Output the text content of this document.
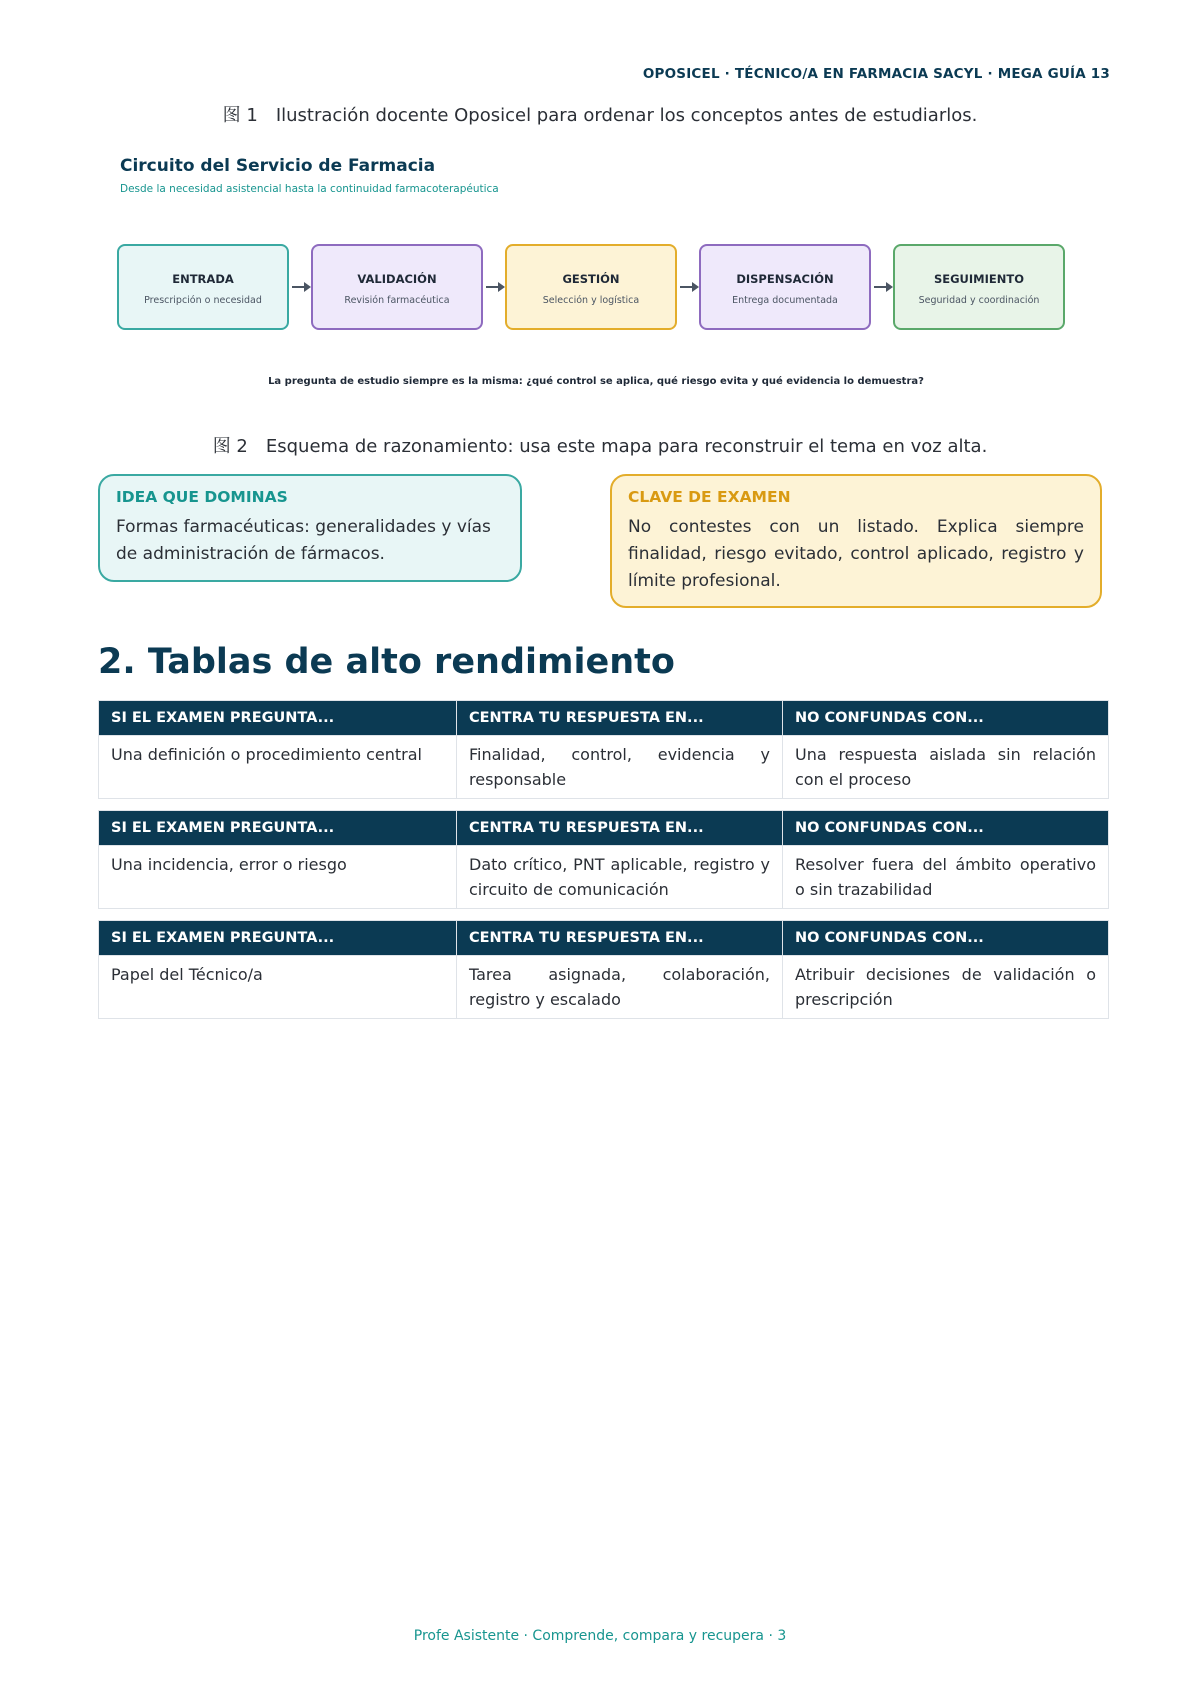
OPOSICEL · TÉCNICO/A EN FARMACIA SACYL · MEGA GUÍA 13
图 1 Ilustración docente Oposicel para ordenar los conceptos antes de estudiarlos.
Circuito del Servicio de Farmacia
Desde la necesidad asistencial hasta la continuidad farmacoterapéutica
ENTRADA
Prescripción o necesidad
VALIDACIÓN
Revisión farmacéutica
GESTIÓN
Selección y logística
DISPENSACIÓN
Entrega documentada
SEGUIMIENTO
Seguridad y coordinación
La pregunta de estudio siempre es la misma: ¿qué control se aplica, qué riesgo evita y qué evidencia lo demuestra?
图 2 Esquema de razonamiento: usa este mapa para reconstruir el tema en voz alta.
IDEA QUE DOMINAS
Formas farmacéuticas: generalidades y vías de administración de fármacos.
CLAVE DE EXAMEN
No contestes con un listado. Explica siempre finalidad, riesgo evitado, control aplicado, registro y límite profesional.
2. Tablas de alto rendimiento
SI EL EXAMEN PREGUNTA...	CENTRA TU RESPUESTA EN...	NO CONFUNDAS CON...
Una definición o procedimiento central	Finalidad, control, evidencia y responsable	Una respuesta aislada sin relación con el proceso
SI EL EXAMEN PREGUNTA...	CENTRA TU RESPUESTA EN...	NO CONFUNDAS CON...
Una incidencia, error o riesgo	Dato crítico, PNT aplicable, registro y circuito de comunicación	Resolver fuera del ámbito operativo o sin trazabilidad
SI EL EXAMEN PREGUNTA...	CENTRA TU RESPUESTA EN...	NO CONFUNDAS CON...
Papel del Técnico/a	Tarea asignada, colaboración, registro y escalado	Atribuir decisiones de validación o prescripción
Profe Asistente · Comprende, compara y recupera · 3
